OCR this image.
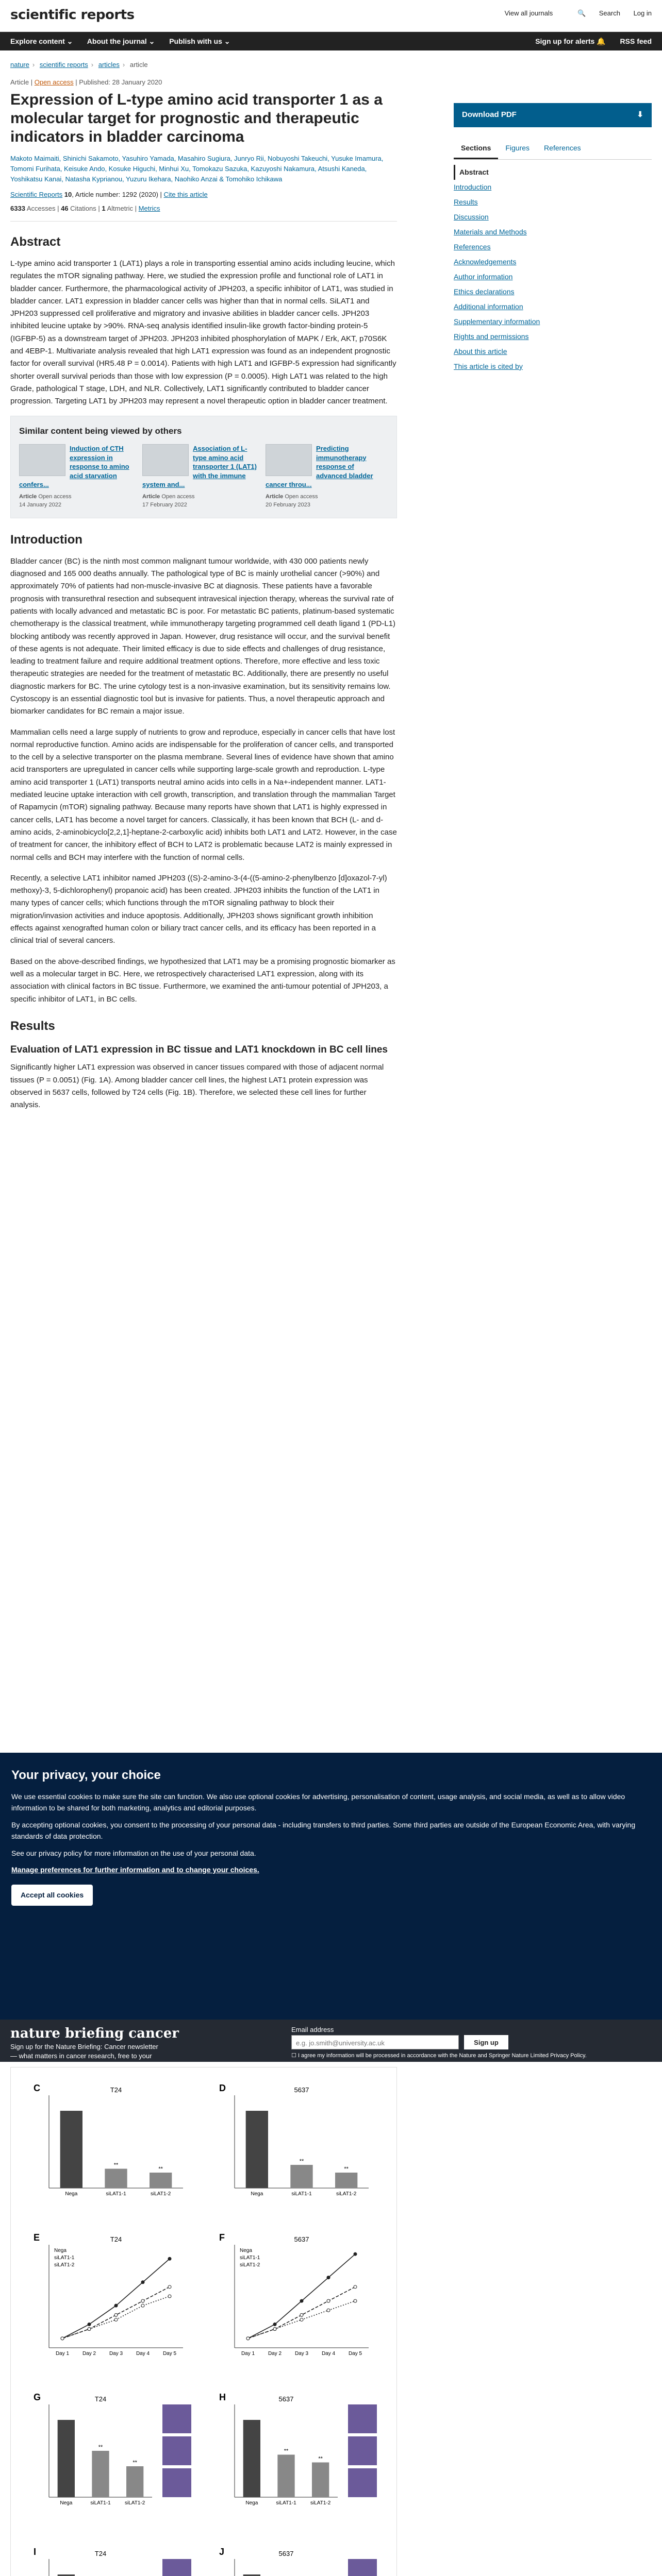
scientific reports	View all journals	🔍 Search Log in
Explore content ⌄ About the journal ⌄ Publish with us ⌄	Sign up for alerts 🔔 RSS feed
nature › scientific reports › articles › article
Article | Open access | Published: 28 January 2020
Expression of L-type amino acid transporter 1 as a molecular target for prognostic and therapeutic indicators in bladder carcinoma
Makoto Maimaiti, Shinichi Sakamoto, Yasuhiro Yamada, Masahiro Sugiura, Junryo Rii, Nobuyoshi Takeuchi, Yusuke Imamura, Tomomi Furihata, Keisuke Ando, Kosuke Higuchi, Minhui Xu, Tomokazu Sazuka, Kazuyoshi Nakamura, Atsushi Kaneda, Yoshikatsu Kanai, Natasha Kyprianou, Yuzuru Ikehara, Naohiko Anzai & Tomohiko Ichikawa
Scientific Reports 10, Article number: 1292 (2020) | Cite this article
6333 Accesses | 46 Citations | 1 Altmetric | Metrics
Abstract

L-type amino acid transporter 1 (LAT1) plays a role in transporting essential amino acids including leucine, which regulates the mTOR signaling pathway. Here, we studied the expression profile and functional role of LAT1 in bladder cancer. Furthermore, the pharmacological activity of JPH203, a specific inhibitor of LAT1, was studied in bladder cancer. LAT1 expression in bladder cancer cells was higher than that in normal cells. SiLAT1 and JPH203 suppressed cell proliferative and migratory and invasive abilities in bladder cancer cells. JPH203 inhibited leucine uptake by >90%. RNA-seq analysis identified insulin-like growth factor-binding protein-5 (IGFBP-5) as a downstream target of JPH203. JPH203 inhibited phosphorylation of MAPK / Erk, AKT, p70S6K and 4EBP-1. Multivariate analysis revealed that high LAT1 expression was found as an independent prognostic factor for overall survival (HR5.48 P = 0.0014). Patients with high LAT1 and IGFBP-5 expression had significantly shorter overall survival periods than those with low expression (P = 0.0005). High LAT1 was related to the high Grade, pathological T stage, LDH, and NLR. Collectively, LAT1 significantly contributed to bladder cancer progression. Targeting LAT1 by JPH203 may represent a novel therapeutic option in bladder cancer treatment.

Similar content being viewed by others
Induction of CTH expression in response to amino acid starvation confers...
Article Open access
14 January 2022
Association of L-type amino acid transporter 1 (LAT1) with the immune system and...
Article Open access
17 February 2022
Predicting immunotherapy response of advanced bladder cancer throu...
Article Open access
20 February 2023
Introduction

Bladder cancer (BC) is the ninth most common malignant tumour worldwide, with 430 000 patients newly diagnosed and 165 000 deaths annually. The pathological type of BC is mainly urothelial cancer (>90%) and approximately 70% of patients had non-muscle-invasive BC at diagnosis. These patients have a favorable prognosis with transurethral resection and subsequent intravesical injection therapy, whereas the survival rate of patients with locally advanced and metastatic BC is poor. For metastatic BC patients, platinum-based systematic chemotherapy is the classical treatment, while immunotherapy targeting programmed cell death ligand 1 (PD-L1) blocking antibody was recently approved in Japan. However, drug resistance will occur, and the survival benefit of these agents is not adequate. Their limited efficacy is due to side effects and challenges of drug resistance, leading to treatment failure and require additional treatment options. Therefore, more effective and less toxic therapeutic strategies are needed for the treatment of metastatic BC. Additionally, there are presently no useful diagnostic markers for BC. The urine cytology test is a non-invasive examination, but its sensitivity remains low. Cystoscopy is an essential diagnostic tool but is invasive for patients. Thus, a novel therapeutic approach and biomarker candidates for BC remain a major issue.

Mammalian cells need a large supply of nutrients to grow and reproduce, especially in cancer cells that have lost normal reproductive function. Amino acids are indispensable for the proliferation of cancer cells, and transported to the cell by a selective transporter on the plasma membrane. Several lines of evidence have shown that amino acid transporters are upregulated in cancer cells while supporting large-scale growth and reproduction. L-type amino acid transporter 1 (LAT1) transports neutral amino acids into cells in a Na+-independent manner. LAT1-mediated leucine uptake interaction with cell growth, transcription, and translation through the mammalian Target of Rapamycin (mTOR) signaling pathway. Because many reports have shown that LAT1 is highly expressed in cancer cells, LAT1 has become a novel target for cancers. Classically, it has been known that BCH (L- and d- amino acids, 2-aminobicyclo[2,2,1]-heptane-2-carboxylic acid) inhibits both LAT1 and LAT2. However, in the case of treatment for cancer, the inhibitory effect of BCH to LAT2 is problematic because LAT2 is mainly expressed in normal cells and BCH may interfere with the function of normal cells.

Recently, a selective LAT1 inhibitor named JPH203 ((S)-2-amino-3-(4-((5-amino-2-phenylbenzo [d]oxazol-7-yl) methoxy)-3, 5-dichlorophenyl) propanoic acid) has been created. JPH203 inhibits the function of the LAT1 in many types of cancer cells; which functions through the mTOR signaling pathway to block their migration/invasion activities and induce apoptosis. Additionally, JPH203 shows significant growth inhibition effects against xenografted human colon or biliary tract cancer cells, and its efficacy has been reported in a clinical trial of several cancers.

Based on the above-described findings, we hypothesized that LAT1 may be a promising prognostic biomarker as well as a molecular target in BC. Here, we retrospectively characterised LAT1 expression, along with its association with clinical factors in BC tissue. Furthermore, we examined the anti-tumour potential of JPH203, a specific inhibitor of LAT1, in BC cells.

Results
Evaluation of LAT1 expression in BC tissue and LAT1 knockdown in BC cell lines

Significantly higher LAT1 expression was observed in cancer tissues compared with those of adjacent normal tissues (P = 0.0051) (Fig. 1A). Among bladder cancer cell lines, the highest LAT1 protein expression was observed in 5637 cells, followed by T24 cells (Fig. 1B). Therefore, we selected these cell lines for further analysis.

Download PDF	⬇
Sections	Figures	References
Abstract
Introduction
Results
Discussion
Materials and Methods
References
Acknowledgements
Author information
Ethics declarations
Additional information
Supplementary information
Rights and permissions
About this article
This article is cited by
Your privacy, your choice

We use essential cookies to make sure the site can function. We also use optional cookies for advertising, personalisation of content, usage analysis, and social media, as well as to allow video information to be shared for both marketing, analytics and editorial purposes.

By accepting optional cookies, you consent to the processing of your personal data - including transfers to third parties. Some third parties are outside of the European Economic Area, with varying standards of data protection.

See our privacy policy for more information on the use of your personal data.

Manage preferences for further information and to change your choices.

Accept all cookies
nature briefing cancer
Sign up for the Nature Briefing: Cancer newsletter — what matters in cancer research, free to your inbox weekly.
Email address
e.g. jo.smith@university.ac.uk	Sign up
☐ I agree my information will be processed in accordance with the Nature and Springer Nature Limited Privacy Policy.
C	T24
Nega	siLAT1-1
**
siLAT1-2
**
D	5637
Nega	siLAT1-1
**
siLAT1-2
**
E	T24
Day 1	Day 2	Day 3	Day 4	Day 5
Nega
siLAT1-1
siLAT1-2
F	5637
Day 1	Day 2	Day 3	Day 4	Day 5
Nega
siLAT1-1
siLAT1-2
G	T24
Nega	siLAT1-1
**
siLAT1-2
**
H	5637
Nega	siLAT1-1
**
siLAT1-2
**
I	T24	J	5637
